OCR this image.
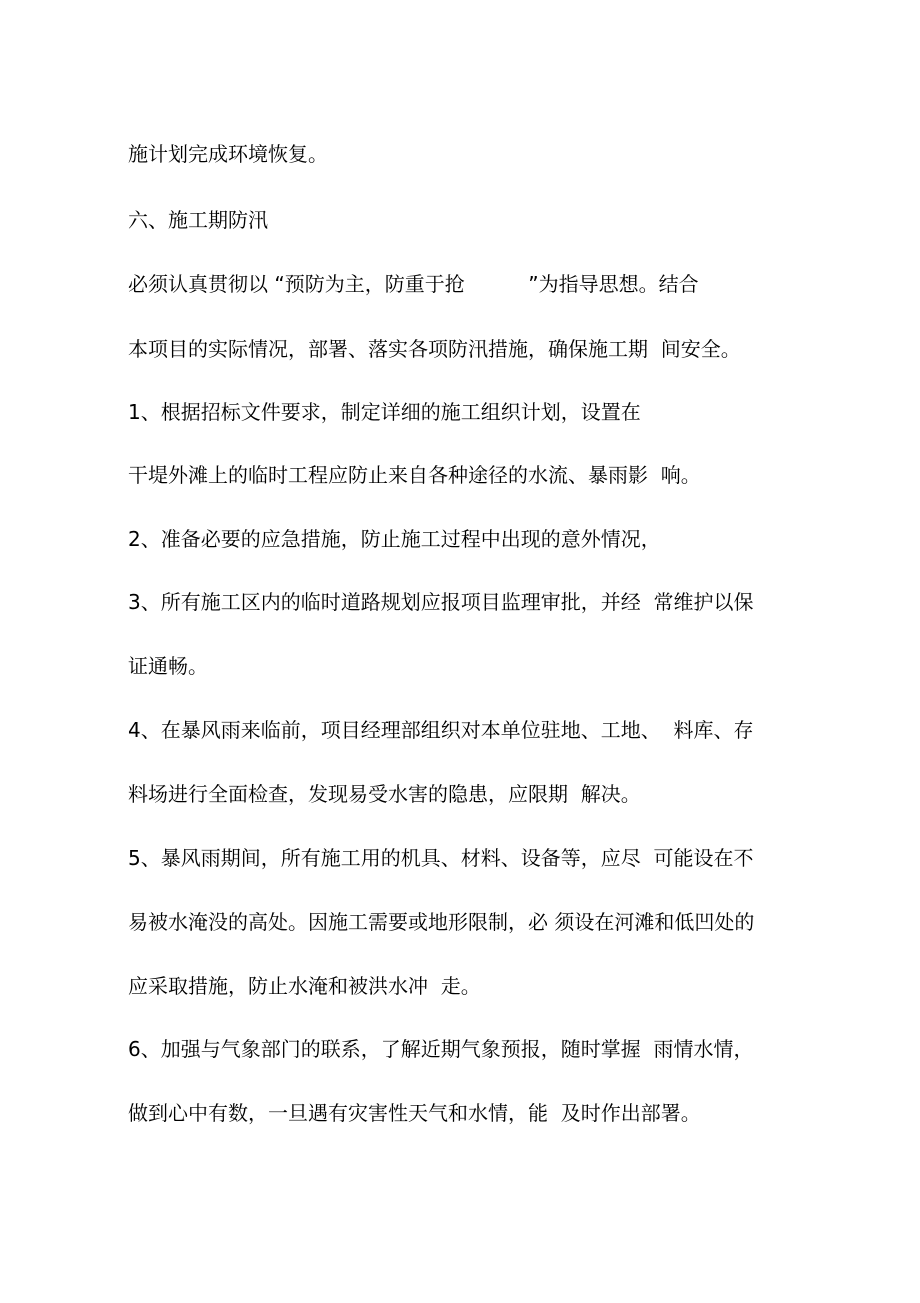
施计划完成环境恢复。
六、施工期防汛
必须认真贯彻以 “预防为主，防重于抢          ”为指导思想。结合
本项目的实际情况，部署、落实各项防汛措施，确保施工期  间安全。
1、根据招标文件要求，制定详细的施工组织计划，设置在
干堤外滩上的临时工程应防止来自各种途径的水流、暴雨影  响。
2、准备必要的应急措施，防止施工过程中出现的意外情况，
3、所有施工区内的临时道路规划应报项目监理审批，并经  常维护以保
证通畅。
4、在暴风雨来临前，项目经理部组织对本单位驻地、工地、  料库、存
料场进行全面检查，发现易受水害的隐患，应限期  解决。
5、暴风雨期间，所有施工用的机具、材料、设备等，应尽  可能设在不
易被水淹没的高处。因施工需要或地形限制，必 须设在河滩和低凹处的
应采取措施，防止水淹和被洪水冲  走。
6、加强与气象部门的联系，了解近期气象预报，随时掌握  雨情水情，
做到心中有数，一旦遇有灾害性天气和水情，能  及时作出部署。
